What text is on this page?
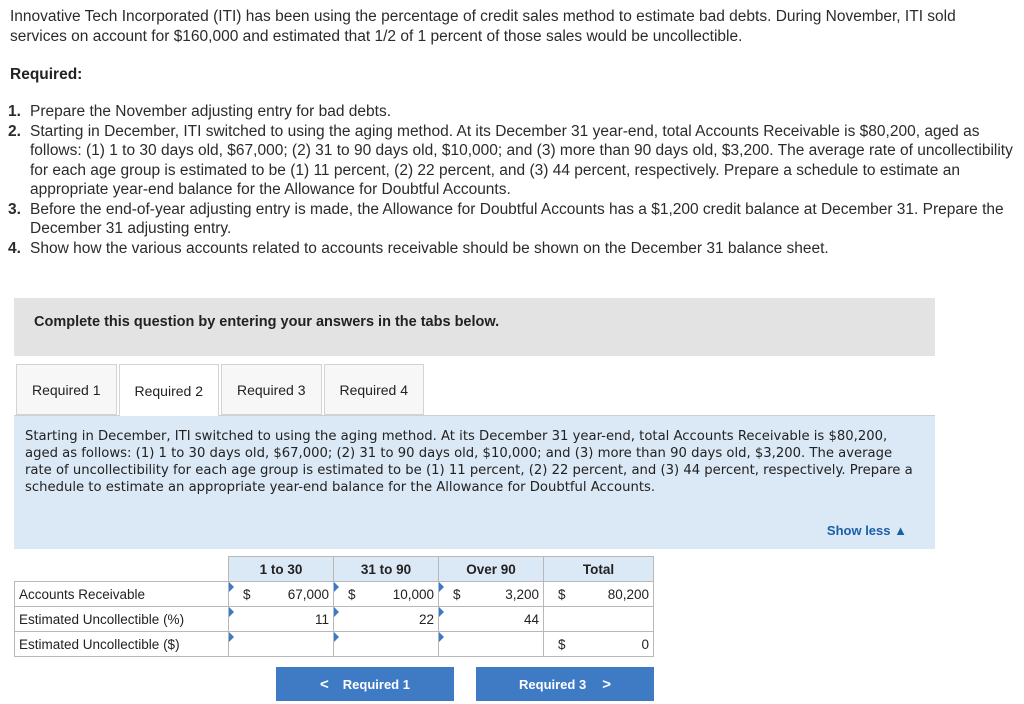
Innovative Tech Incorporated (ITI) has been using the percentage of credit sales method to estimate bad debts. During November, ITI sold services on account for $160,000 and estimated that 1/2 of 1 percent of those sales would be uncollectible.
Required:
1. Prepare the November adjusting entry for bad debts.
2. Starting in December, ITI switched to using the aging method. At its December 31 year-end, total Accounts Receivable is $80,200, aged as follows: (1) 1 to 30 days old, $67,000; (2) 31 to 90 days old, $10,000; and (3) more than 90 days old, $3,200. The average rate of uncollectibility for each age group is estimated to be (1) 11 percent, (2) 22 percent, and (3) 44 percent, respectively. Prepare a schedule to estimate an appropriate year-end balance for the Allowance for Doubtful Accounts.
3. Before the end-of-year adjusting entry is made, the Allowance for Doubtful Accounts has a $1,200 credit balance at December 31. Prepare the December 31 adjusting entry.
4. Show how the various accounts related to accounts receivable should be shown on the December 31 balance sheet.
Complete this question by entering your answers in the tabs below.
Required 1	Required 2	Required 3	Required 4
Starting in December, ITI switched to using the aging method. At its December 31 year-end, total Accounts Receivable is $80,200, aged as follows: (1) 1 to 30 days old, $67,000; (2) 31 to 90 days old, $10,000; and (3) more than 90 days old, $3,200. The average rate of uncollectibility for each age group is estimated to be (1) 11 percent, (2) 22 percent, and (3) 44 percent, respectively. Prepare a schedule to estimate an appropriate year-end balance for the Allowance for Doubtful Accounts.
Show less ▲
	1 to 30	31 to 90	Over 90	Total
Accounts Receivable	$ 67,000	$ 10,000	$ 3,200	$ 80,200

Estimated Uncollectible (%)	11	22	44	

Estimated Uncollectible ($)				$ 0
< Required 1	Required 3 >
